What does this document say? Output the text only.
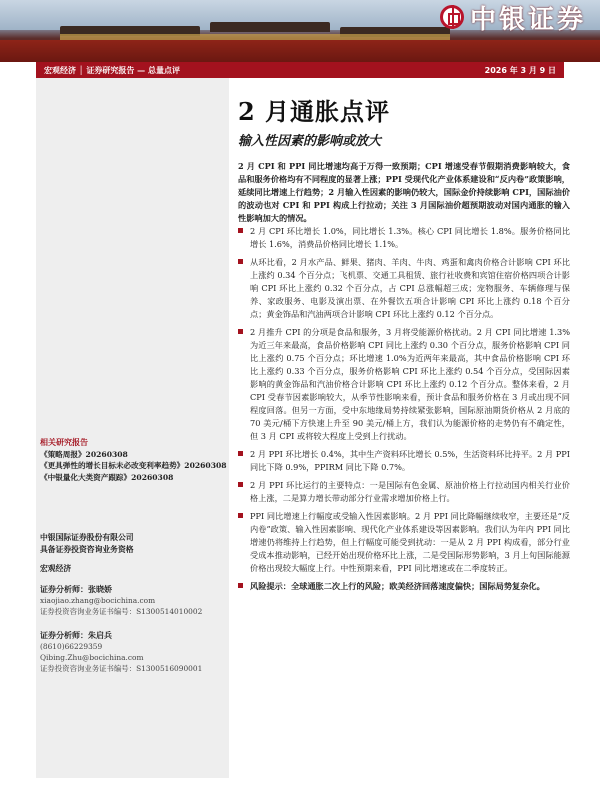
中银证券
宏观经济 │ 证券研究报告 — 总量点评	2026 年 3 月 9 日
2 月通胀点评
输入性因素的影响或放大
2 月 CPI 和 PPI 同比增速均高于万得一致预期；CPI 增速受春节假期消费影响较大，食品和服务价格均有不同程度的显著上涨；PPI 受现代化产业体系建设和“反内卷”政策影响，延续同比增速上行趋势；2 月输入性因素的影响仍较大，国际金价持续影响 CPI，国际油价的波动也对 CPI 和 PPI 构成上行拉动；关注 3 月国际油价超预期波动对国内通胀的输入性影响加大的情况。
2 月 CPI 环比增长 1.0%，同比增长 1.3%。核心 CPI 同比增长 1.8%。服务价格同比增长 1.6%，消费品价格同比增长 1.1%。
从环比看，2 月水产品、鲜果、猪肉、羊肉、牛肉、鸡蛋和禽肉价格合计影响 CPI 环比上涨约 0.34 个百分点；飞机票、交通工具租赁、旅行社收费和宾馆住宿价格四项合计影响 CPI 环比上涨约 0.32 个百分点，占 CPI 总涨幅超三成；宠物服务、车辆修理与保养、家政服务、电影及演出票、在外餐饮五项合计影响 CPI 环比上涨约 0.18 个百分点；黄金饰品和汽油两项合计影响 CPI 环比上涨约 0.12 个百分点。
2 月推升 CPI 的分项是食品和服务，3 月将受能源价格扰动。2 月 CPI 同比增速 1.3%为近三年来最高，食品价格影响 CPI 同比上涨约 0.30 个百分点，服务价格影响 CPI 同比上涨约 0.75 个百分点；环比增速 1.0%为近两年来最高，其中食品价格影响 CPI 环比上涨约 0.33 个百分点，服务价格影响 CPI 环比上涨约 0.54 个百分点，受国际因素影响的黄金饰品和汽油价格合计影响 CPI 环比上涨约 0.12 个百分点。整体来看，2 月 CPI 受春节因素影响较大，从季节性影响来看，预计食品和服务价格在 3 月或出现不同程度回落。但另一方面，受中东地缘局势持续紧张影响，国际原油期货价格从 2 月底的 70 美元/桶下方快速上升至 90 美元/桶上方，我们认为能源价格的走势仍有不确定性，但 3 月 CPI 或将较大程度上受到上行扰动。
2 月 PPI 环比增长 0.4%，其中生产资料环比增长 0.5%，生活资料环比持平。2 月 PPI 同比下降 0.9%，PPIRM 同比下降 0.7%。
2 月 PPI 环比运行的主要特点：一是国际有色金属、原油价格上行拉动国内相关行业价格上涨，二是算力增长带动部分行业需求增加价格上行。
PPI 同比增速上行幅度或受输入性因素影响。2 月 PPI 同比降幅继续收窄，主要还是“反内卷”政策、输入性因素影响、现代化产业体系建设等因素影响。我们认为年内 PPI 同比增速仍将维持上行趋势，但上行幅度可能受到扰动：一是从 2 月 PPI 构成看，部分行业受成本推动影响，已经开始出现价格环比上涨，二是受国际形势影响，3 月上旬国际能源价格出现较大幅度上行。中性预期来看，PPI 同比增速或在二季度转正。
风险提示：全球通胀二次上行的风险；欧美经济回落速度偏快；国际局势复杂化。
相关研究报告
《策略周报》20260308
《更具弹性的增长目标未必改变利率趋势》20260308
《中银量化大类资产跟踪》20260308
中银国际证券股份有限公司
具备证券投资咨询业务资格
宏观经济
证券分析师：张晓娇
xiaojiao.zhang@bocichina.com
证券投资咨询业务证书编号：S1300514010002
证券分析师：朱启兵
(8610)66229359
Qibing.Zhu@bocichina.com
证券投资咨询业务证书编号：S1300516090001
